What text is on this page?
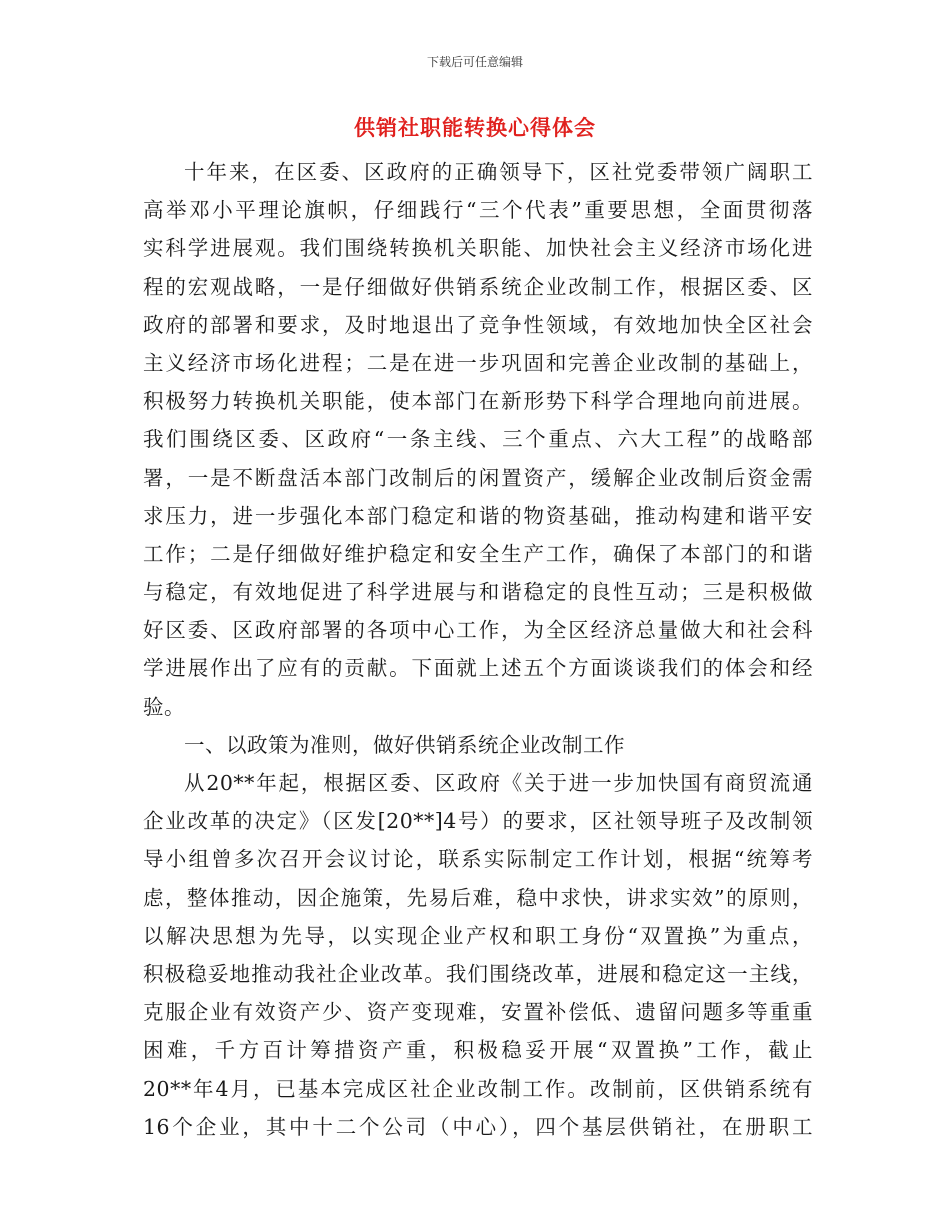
下载后可任意编辑
供销社职能转换心得体会
十年来，在区委、区政府的正确领导下，区社党委带领广阔职工
高举邓小平理论旗帜，仔细践行“三个代表”重要思想，全面贯彻落
实科学进展观。我们围绕转换机关职能、加快社会主义经济市场化进
程的宏观战略，一是仔细做好供销系统企业改制工作，根据区委、区
政府的部署和要求，及时地退出了竞争性领域，有效地加快全区社会
主义经济市场化进程；二是在进一步巩固和完善企业改制的基础上，
积极努力转换机关职能，使本部门在新形势下科学合理地向前进展。
我们围绕区委、区政府“一条主线、三个重点、六大工程”的战略部
署，一是不断盘活本部门改制后的闲置资产，缓解企业改制后资金需
求压力，进一步强化本部门稳定和谐的物资基础，推动构建和谐平安
工作；二是仔细做好维护稳定和安全生产工作，确保了本部门的和谐
与稳定，有效地促进了科学进展与和谐稳定的良性互动；三是积极做
好区委、区政府部署的各项中心工作，为全区经济总量做大和社会科
学进展作出了应有的贡献。下面就上述五个方面谈谈我们的体会和经
验。
一、以政策为准则，做好供销系统企业改制工作
从20**年起，根据区委、区政府《关于进一步加快国有商贸流通
企业改革的决定》（区发[20**]4号）的要求，区社领导班子及改制领
导小组曾多次召开会议讨论，联系实际制定工作计划，根据“统筹考
虑，整体推动，因企施策，先易后难，稳中求快，讲求实效”的原则，
以解决思想为先导，以实现企业产权和职工身份“双置换”为重点，
积极稳妥地推动我社企业改革。我们围绕改革，进展和稳定这一主线，
克服企业有效资产少、资产变现难，安置补偿低、遗留问题多等重重
困难，千方百计筹措资产重，积极稳妥开展“双置换”工作，截止
20**年4月，已基本完成区社企业改制工作。改制前，区供销系统有
16个企业，其中十二个公司（中心），四个基层供销社，在册职工
